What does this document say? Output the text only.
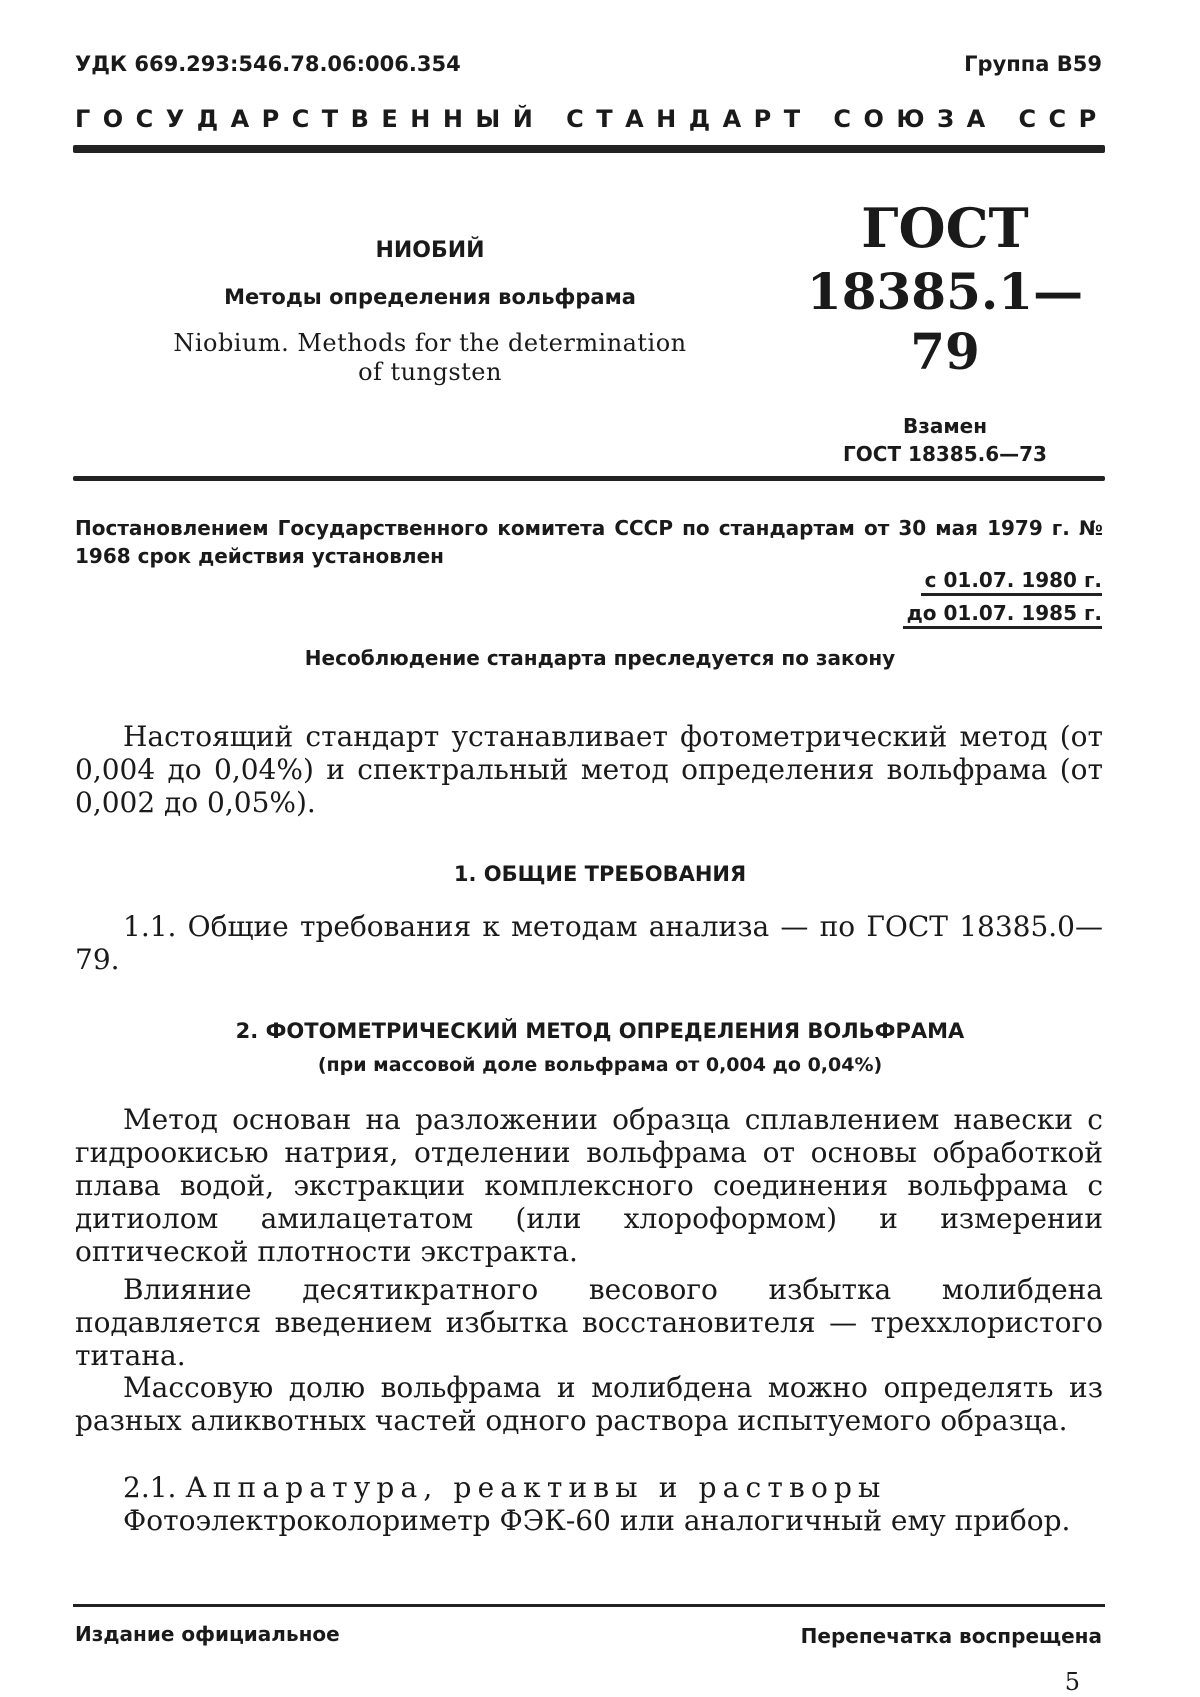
УДК 669.293:546.78.06:006.354	Группа В59
ГОСУДАРСТВЕННЫЙ СТАНДАРТ СОЮЗА ССР
НИОБИЙ
Методы определения вольфрама
Niobium. Methods for the determination
of tungsten
ГОСТ
18385.1—79
Взамен
ГОСТ 18385.6—73
Постановлением Государственного комитета СССР по стандартам от 30 мая 1979 г. № 1968 срок действия установлен
с 01.07. 1980 г.
до 01.07. 1985 г.
Несоблюдение стандарта преследуется по закону
Настоящий стандарт устанавливает фотометрический метод (от 0,004 до 0,04%) и спектральный метод определения вольфрама (от 0,002 до 0,05%).
1. ОБЩИЕ ТРЕБОВАНИЯ
1.1. Общие требования к методам анализа — по ГОСТ 18385.0—79.
2. ФОТОМЕТРИЧЕСКИЙ МЕТОД ОПРЕДЕЛЕНИЯ ВОЛЬФРАМА
(при массовой доле вольфрама от 0,004 до 0,04%)
Метод основан на разложении образца сплавлением навески с гидроокисью натрия, отделении вольфрама от основы обработкой плава водой, экстракции комплексного соединения вольфрама с дитиолом амилацетатом (или хлороформом) и измерении оптической плотности экстракта.
Влияние десятикратного весового избытка молибдена подавляется введением избытка восстановителя — треххлористого титана.
Массовую долю вольфрама и молибдена можно определять из разных аликвотных частей одного раствора испытуемого образца.
2.1. Аппаратура, реактивы и растворы
Фотоэлектроколориметр ФЭК-60 или аналогичный ему прибор.
Издание официальное	Перепечатка воспрещена
5
